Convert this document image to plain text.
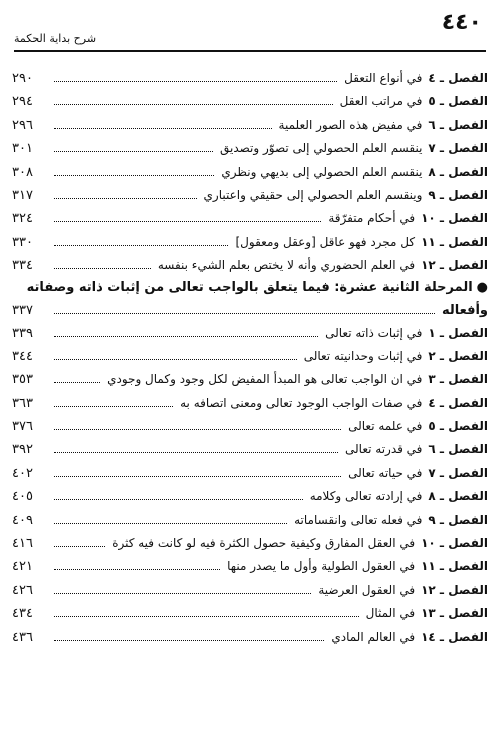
٤٤٠
شرح بداية الحكمة
الفصل ـ ٤
في أنواع التعقل
٢٩٠
الفصل ـ ٥
في مراتب العقل
٢٩٤
الفصل ـ ٦
في مفيض هذه الصور العلمية
٢٩٦
الفصل ـ ٧
ينقسم العلم الحصولي إلى تصوّر وتصديق
٣٠١
الفصل ـ ٨
ينقسم العلم الحصولي إلى بديهي ونظري
٣٠٨
الفصل ـ ٩
وينقسم العلم الحصولي إلى حقيقي واعتباري
٣١٧
الفصل ـ ١٠
في أحكام متفرّقة
٣٢٤
الفصل ـ ١١
كل مجرد فهو عاقل [وعقل ومعقول]
٣٣٠
الفصل ـ ١٢
في العلم الحضوري وأنه لا يختص بعلم الشيء بنفسه
٣٣٤
●المرحلة الثانية عشرة: فيما يتعلق بالواجب تعالى من إثبات ذاته وصفاته
وأفعاله
٣٣٧
الفصل ـ ١
في إثبات ذاته تعالى
٣٣٩
الفصل ـ ٢
في إثبات وحدانيته تعالى
٣٤٤
الفصل ـ ٣
في ان الواجب تعالى هو المبدأ المفيض لكل وجود وكمال وجودي
٣٥٣
الفصل ـ ٤
في صفات الواجب الوجود تعالى ومعنى اتصافه به
٣٦٣
الفصل ـ ٥
في علمه تعالى
٣٧٦
الفصل ـ ٦
في قدرته تعالى
٣٩٢
الفصل ـ ٧
في حياته تعالى
٤٠٢
الفصل ـ ٨
في إرادته تعالى وكلامه
٤٠٥
الفصل ـ ٩
في فعله تعالى وانقساماته
٤٠٩
الفصل ـ ١٠
في العقل المفارق وكيفية حصول الكثرة فيه لو كانت فيه كثرة
٤١٦
الفصل ـ ١١
في العقول الطولية وأول ما يصدر منها
٤٢١
الفصل ـ ١٢
في العقول العرضية
٤٢٦
الفصل ـ ١٣
في المثال
٤٣٤
الفصل ـ ١٤
في العالم المادي
٤٣٦
